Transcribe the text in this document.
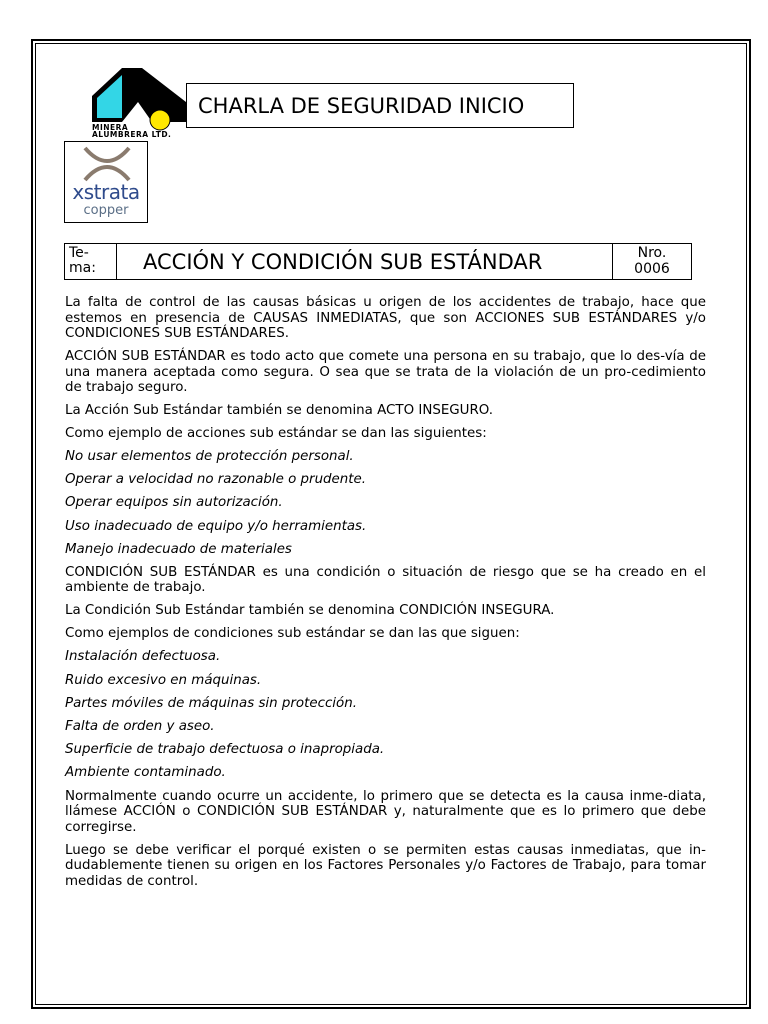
MINERA
ALUMBRERA LTD.
CHARLA DE SEGURIDAD INICIO
xstrata
copper
Te-
ma:	ACCIÓN Y CONDICIÓN SUB ESTÁNDAR	Nro.
0006

La falta de control de las causas básicas u origen de los accidentes de trabajo, hace que estemos en presencia de CAUSAS INMEDIATAS, que son ACCIONES SUB ESTÁNDARES y/o CONDICIONES SUB ESTÁNDARES.

ACCIÓN SUB ESTÁNDAR es todo acto que comete una persona en su trabajo, que lo des-vía de una manera aceptada como segura. O sea que se trata de la violación de un pro-cedimiento de trabajo seguro.

La Acción Sub Estándar también se denomina ACTO INSEGURO.

Como ejemplo de acciones sub estándar se dan las siguientes:

No usar elementos de protección personal.

Operar a velocidad no razonable o prudente.

Operar equipos sin autorización.

Uso inadecuado de equipo y/o herramientas.

Manejo inadecuado de materiales

CONDICIÓN SUB ESTÁNDAR es una condición o situación de riesgo que se ha creado en el ambiente de trabajo.

La Condición Sub Estándar también se denomina CONDICIÓN INSEGURA.

Como ejemplos de condiciones sub estándar se dan las que siguen:

Instalación defectuosa.

Ruido excesivo en máquinas.

Partes móviles de máquinas sin protección.

Falta de orden y aseo.

Superficie de trabajo defectuosa o inapropiada.

Ambiente contaminado.

Normalmente cuando ocurre un accidente, lo primero que se detecta es la causa inme-diata, llámese ACCIÓN o CONDICIÓN SUB ESTÁNDAR y, naturalmente que es lo primero que debe corregirse.

Luego se debe verificar el porqué existen o se permiten estas causas inmediatas, que in-dudablemente tienen su origen en los Factores Personales y/o Factores de Trabajo, para tomar medidas de control.
